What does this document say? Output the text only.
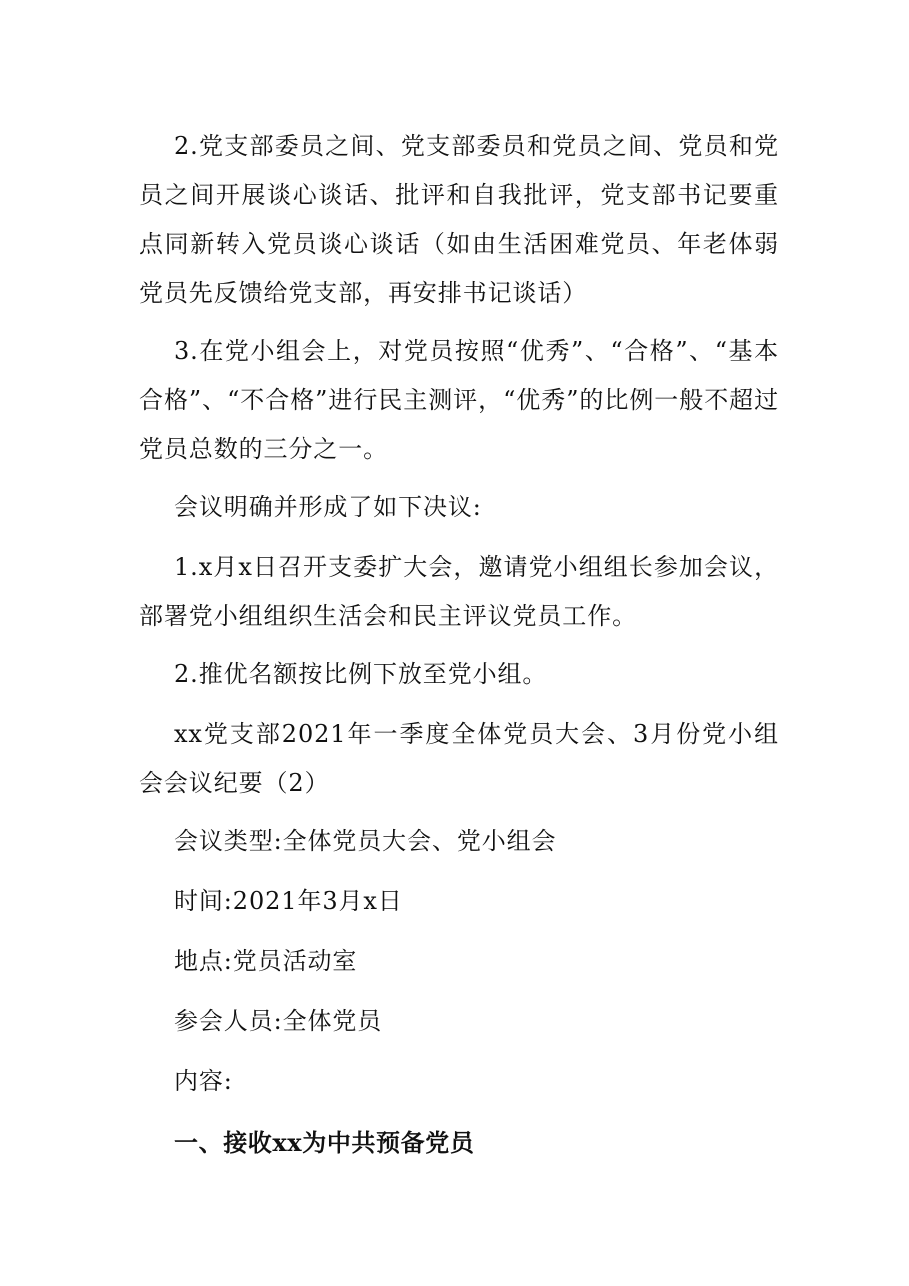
2.党支部委员之间、党支部委员和党员之间、党员和党员之间开展谈心谈话、批评和自我批评，党支部书记要重点同新转入党员谈心谈话（如由生活困难党员、年老体弱党员先反馈给党支部，再安排书记谈话）

3.在党小组会上，对党员按照“优秀”、“合格”、“基本合格”、“不合格”进行民主测评，“优秀”的比例一般不超过党员总数的三分之一。

会议明确并形成了如下决议:

1.x月x日召开支委扩大会，邀请党小组组长参加会议，部署党小组组织生活会和民主评议党员工作。

2.推优名额按比例下放至党小组。

xx党支部2021年一季度全体党员大会、3月份党小组会会议纪要（2）

会议类型:全体党员大会、党小组会

时间:2021年3月x日

地点:党员活动室

参会人员:全体党员

内容:

一、接收xx为中共预备党员
